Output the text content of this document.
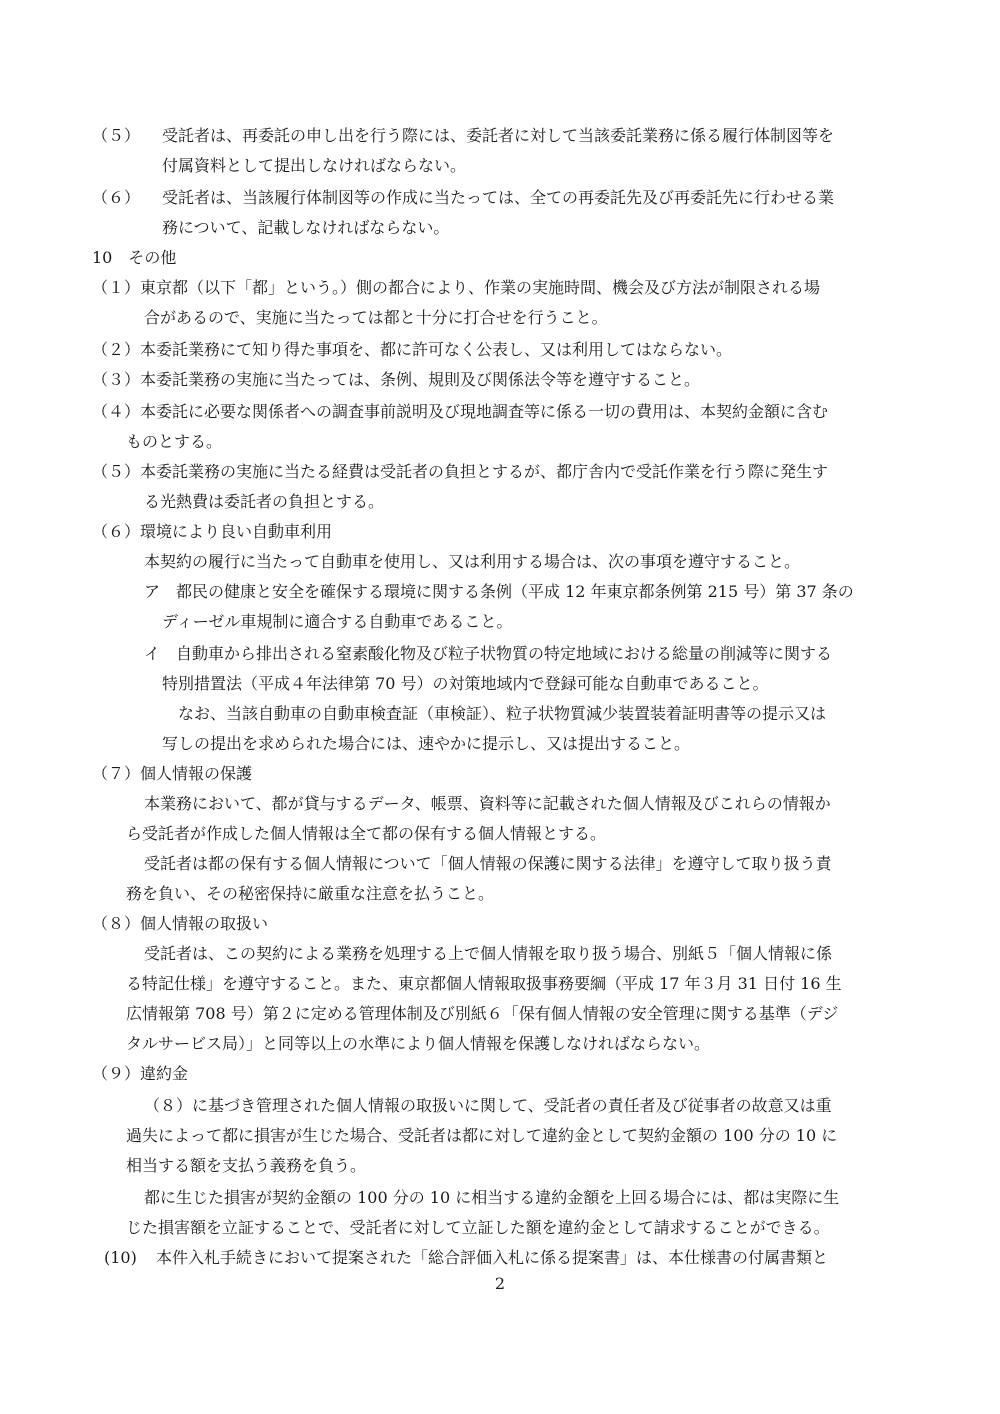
（５） 受託者は、再委託の申し出を行う際には、委託者に対して当該委託業務に係る履行体制図等を
付属資料として提出しなければならない。
（６） 受託者は、当該履行体制図等の作成に当たっては、全ての再委託先及び再委託先に行わせる業
務について、記載しなければならない。
10　その他
（１）東京都（以下「都」という。）側の都合により、作業の実施時間、機会及び方法が制限される場
合があるので、実施に当たっては都と十分に打合せを行うこと。
（２）本委託業務にて知り得た事項を、都に許可なく公表し、又は利用してはならない。
（３）本委託業務の実施に当たっては、条例、規則及び関係法令等を遵守すること。
（４）本委託に必要な関係者への調査事前説明及び現地調査等に係る一切の費用は、本契約金額に含む
ものとする。
（５）本委託業務の実施に当たる経費は受託者の負担とするが、都庁舎内で受託作業を行う際に発生す
る光熱費は委託者の負担とする。
（６）環境により良い自動車利用
本契約の履行に当たって自動車を使用し、又は利用する場合は、次の事項を遵守すること。
ア　都民の健康と安全を確保する環境に関する条例（平成 12 年東京都条例第 215 号）第 37 条の
ディーゼル車規制に適合する自動車であること。
イ　自動車から排出される窒素酸化物及び粒子状物質の特定地域における総量の削減等に関する
特別措置法（平成４年法律第 70 号）の対策地域内で登録可能な自動車であること。
なお、当該自動車の自動車検査証（車検証）、粒子状物質減少装置装着証明書等の提示又は
写しの提出を求められた場合には、速やかに提示し、又は提出すること。
（７）個人情報の保護
本業務において、都が貸与するデータ、帳票、資料等に記載された個人情報及びこれらの情報か
ら受託者が作成した個人情報は全て都の保有する個人情報とする。
受託者は都の保有する個人情報について「個人情報の保護に関する法律」を遵守して取り扱う責
務を負い、その秘密保持に厳重な注意を払うこと。
（８）個人情報の取扱い
受託者は、この契約による業務を処理する上で個人情報を取り扱う場合、別紙５「個人情報に係
る特記仕様」を遵守すること。また、東京都個人情報取扱事務要綱（平成 17 年３月 31 日付 16 生
広情報第 708 号）第２に定める管理体制及び別紙６「保有個人情報の安全管理に関する基準（デジ
タルサービス局）」と同等以上の水準により個人情報を保護しなければならない。
（９）違約金
（８）に基づき管理された個人情報の取扱いに関して、受託者の責任者及び従事者の故意又は重
過失によって都に損害が生じた場合、受託者は都に対して違約金として契約金額の 100 分の 10 に
相当する額を支払う義務を負う。
都に生じた損害が契約金額の 100 分の 10 に相当する違約金額を上回る場合には、都は実際に生
じた損害額を立証することで、受託者に対して立証した額を違約金として請求することができる。
(10) 本件入札手続きにおいて提案された「総合評価入札に係る提案書」は、本仕様書の付属書類と
2
